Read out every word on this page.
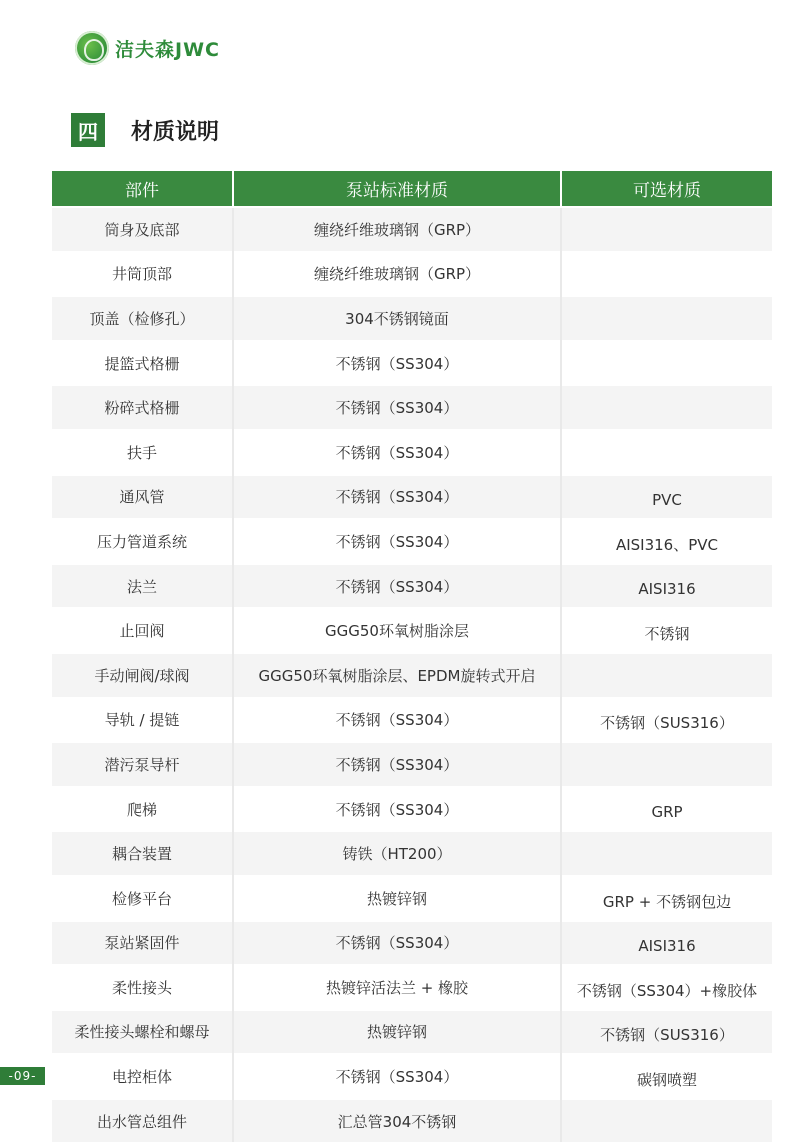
洁夫森JWC
四	材质说明
部件	泵站标准材质	可选材质
筒身及底部	缠绕纤维玻璃钢（GRP）	
井筒顶部	缠绕纤维玻璃钢（GRP）	
顶盖（检修孔）	304不锈钢镜面	
提篮式格栅	不锈钢（SS304）	
粉碎式格栅	不锈钢（SS304）	
扶手	不锈钢（SS304）	
通风管	不锈钢（SS304）	PVC
压力管道系统	不锈钢（SS304）	AISI316、PVC
法兰	不锈钢（SS304）	AISI316
止回阀	GGG50环氧树脂涂层	不锈钢
手动闸阀/球阀	GGG50环氧树脂涂层、EPDM旋转式开启	
导轨 / 提链	不锈钢（SS304）	不锈钢（SUS316）
潜污泵导杆	不锈钢（SS304）	
爬梯	不锈钢（SS304）	GRP
耦合装置	铸铁（HT200）	
检修平台	热镀锌钢	GRP + 不锈钢包边
泵站紧固件	不锈钢（SS304）	AISI316
柔性接头	热镀锌活法兰 + 橡胶	不锈钢（SS304）+橡胶体
柔性接头螺栓和螺母	热镀锌钢	不锈钢（SUS316）
电控柜体	不锈钢（SS304）	碳钢喷塑
出水管总组件	汇总管304不锈钢	
-09-
